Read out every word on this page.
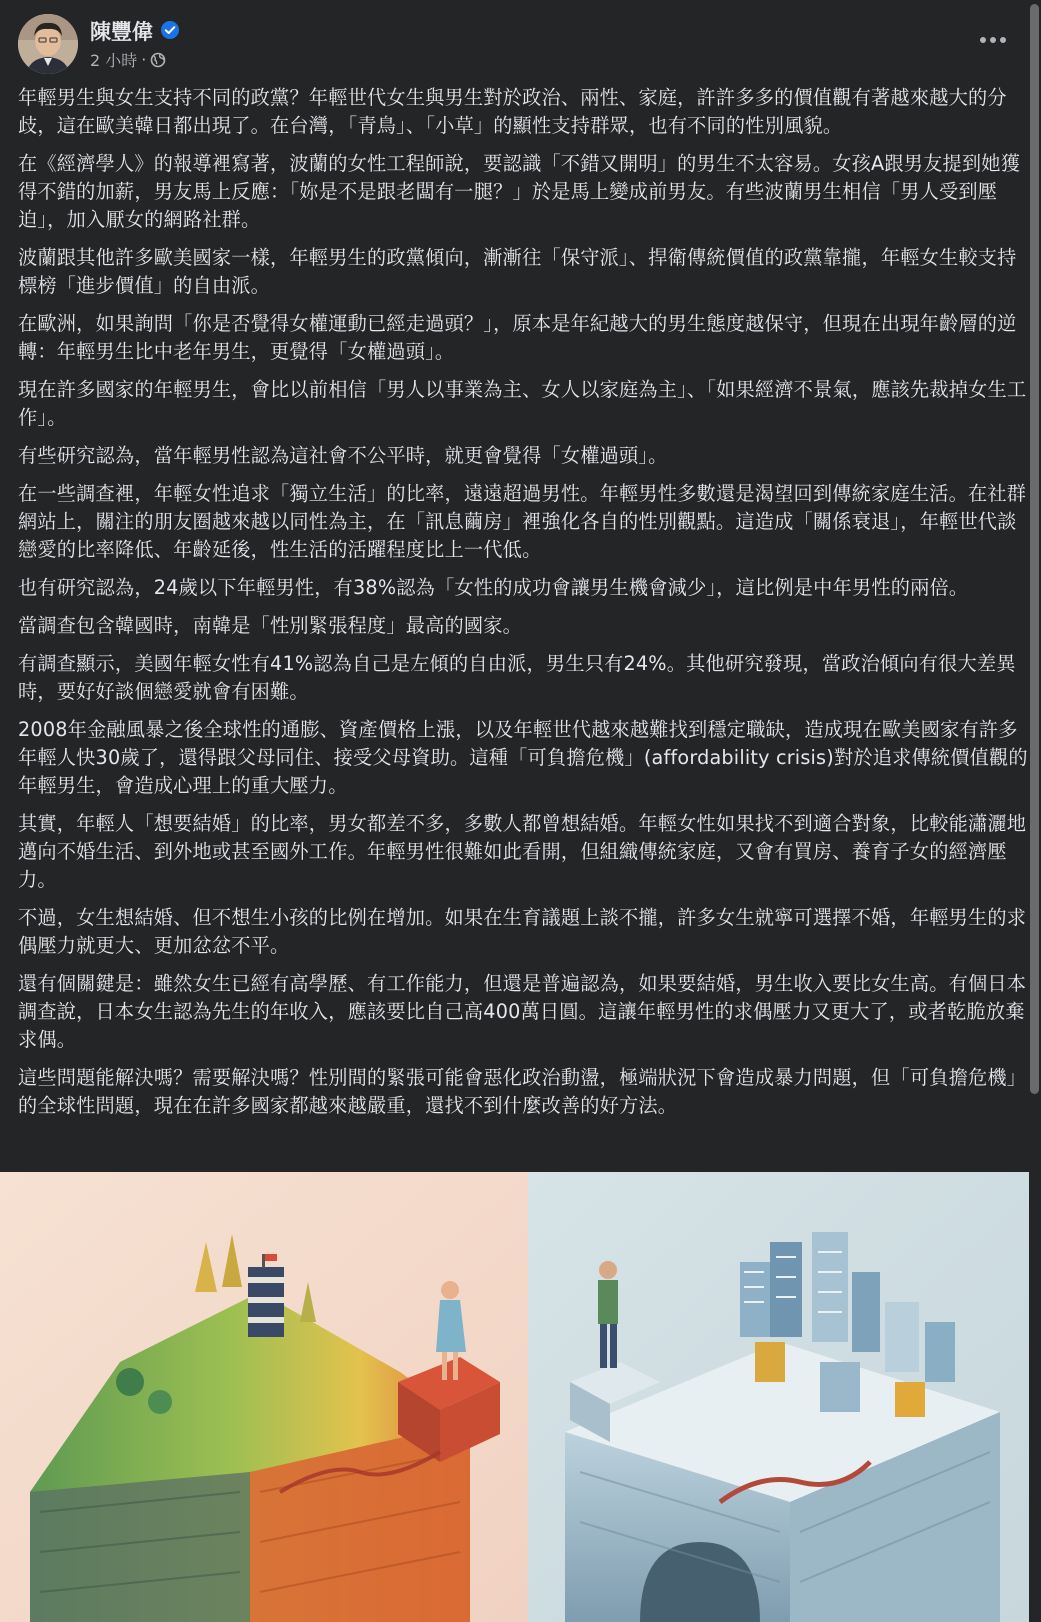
陳豐偉
2 小時 ·

年輕男生與女生支持不同的政黨？年輕世代女生與男生對於政治、兩性、家庭，許許多多的價值觀有著越來越大的分歧，這在歐美韓日都出現了。在台灣，「青鳥」、「小草」的顯性支持群眾，也有不同的性別風貌。

在《經濟學人》的報導裡寫著，波蘭的女性工程師說，要認識「不錯又開明」的男生不太容易。女孩A跟男友提到她獲得不錯的加薪，男友馬上反應：「妳是不是跟老闆有一腿？」於是馬上變成前男友。有些波蘭男生相信「男人受到壓迫」，加入厭女的網路社群。

波蘭跟其他許多歐美國家一樣，年輕男生的政黨傾向，漸漸往「保守派」、捍衛傳統價值的政黨靠攏，年輕女生較支持標榜「進步價值」的自由派。

在歐洲，如果詢問「你是否覺得女權運動已經走過頭？」，原本是年紀越大的男生態度越保守，但現在出現年齡層的逆轉：年輕男生比中老年男生，更覺得「女權過頭」。

現在許多國家的年輕男生，會比以前相信「男人以事業為主、女人以家庭為主」、「如果經濟不景氣，應該先裁掉女生工作」。

有些研究認為，當年輕男性認為這社會不公平時，就更會覺得「女權過頭」。

在一些調查裡，年輕女性追求「獨立生活」的比率，遠遠超過男性。年輕男性多數還是渴望回到傳統家庭生活。在社群網站上，關注的朋友圈越來越以同性為主，在「訊息繭房」裡強化各自的性別觀點。這造成「關係衰退」，年輕世代談戀愛的比率降低、年齡延後，性生活的活躍程度比上一代低。

也有研究認為，24歲以下年輕男性，有38%認為「女性的成功會讓男生機會減少」，這比例是中年男性的兩倍。

當調查包含韓國時，南韓是「性別緊張程度」最高的國家。

有調查顯示，美國年輕女性有41%認為自己是左傾的自由派，男生只有24%。其他研究發現，當政治傾向有很大差異時，要好好談個戀愛就會有困難。

2008年金融風暴之後全球性的通膨、資產價格上漲，以及年輕世代越來越難找到穩定職缺，造成現在歐美國家有許多年輕人快30歲了，還得跟父母同住、接受父母資助。這種「可負擔危機」(affordability crisis)對於追求傳統價值觀的年輕男生，會造成心理上的重大壓力。

其實，年輕人「想要結婚」的比率，男女都差不多，多數人都曾想結婚。年輕女性如果找不到適合對象，比較能瀟灑地邁向不婚生活、到外地或甚至國外工作。年輕男性很難如此看開，但組織傳統家庭，又會有買房、養育子女的經濟壓力。

不過，女生想結婚、但不想生小孩的比例在增加。如果在生育議題上談不攏，許多女生就寧可選擇不婚，年輕男生的求偶壓力就更大、更加忿忿不平。

還有個關鍵是：雖然女生已經有高學歷、有工作能力，但還是普遍認為，如果要結婚，男生收入要比女生高。有個日本調查說，日本女生認為先生的年收入，應該要比自己高400萬日圓。這讓年輕男性的求偶壓力又更大了，或者乾脆放棄求偶。

這些問題能解決嗎？需要解決嗎？性別間的緊張可能會惡化政治動盪，極端狀況下會造成暴力問題，但「可負擔危機」的全球性問題，現在在許多國家都越來越嚴重，還找不到什麼改善的好方法。
